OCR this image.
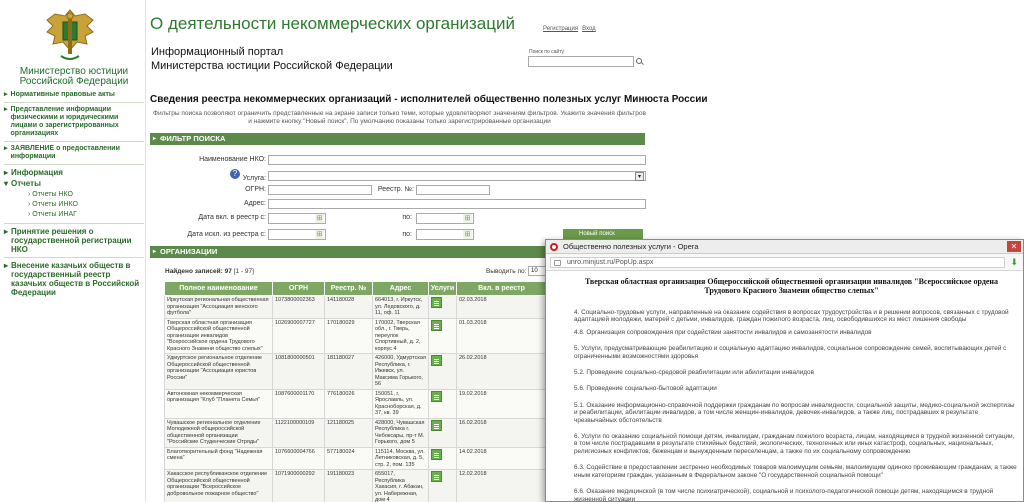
Министерство юстиции Российской Федерации
▸ Нормативные правовые акты
▸ Представление информации физическими и юридическими лицами о зарегистрированных организациях
▸ ЗАЯВЛЕНИЕ о предоставлении информации
▸ Информация
▾ Отчеты
› Отчеты НКО
› Отчеты ИНКО
› Отчеты ИНАГ
▸ Принятие решения о государственной регистрации НКО
▸ Внесение казачьих обществ в государственный реестр казачьих обществ в Российской Федерации
О деятельности некоммерческих организаций	Регистрация Вход
Информационный портал
Министерства юстиции Российской Федерации
Поиск по сайту
Сведения реестра некоммерческих организаций - исполнителей общественно полезных услуг Минюста России
Фильтры поиска позволяют ограничить представленные на экране записи только теми, которые удовлетворяют значениям фильтров. Укажите значения фильтров и нажмите кнопку "Новый поиск". По умолчанию показаны только зарегистрированные организации
▸ ФИЛЬТР ПОИСКА
Наименование НКО:
?
Услуга:	▾
ОГРН:	Реестр. №:
Адрес:
Дата вкл. в реестр с:	⊞	по:	⊞
Дата искл. из реестра с:	⊞	по:	⊞	Новый поиск
▸ ОРГАНИЗАЦИИ
Найдено записей: 97 [1 - 97]	Выводить по: 10
Полное наименование	ОГРН	Реестр. №	Адрес	Услуги	Вкл. в реестр
Иркутская региональная общественная организация "Ассоциация женского футбола"	1073800002363	141180028	664013, г. Иркутск, ул. Ледовского, д. 11, оф. 11		02.03.2018
Тверская областная организация Общероссийской общественной организации инвалидов "Всероссийское ордена Трудового Красного Знамени общество слепых"	1026900007727	170180029	170002, Тверская обл., г. Тверь, переулок Спортивный, д. 2, корпус 4		01.03.2018
Удмуртское региональное отделение Общероссийской общественной организации "Ассоциация юристов России"	1081800000501	181180027	426000, Удмуртская Республика, г. Ижевск, ул. Максима Горького, 56		26.02.2018
Автономная некоммерческая организация "Клуб "Планета Семья"	1087600001170	776180026	150051, г. Ярославль, ул. Красноборская, д. 37, кв. 39		19.02.2018
Чувашское региональное отделение Молодежной общероссийской общественной организации "Российские Студенческие Отряды"	1122100000109	121180025	428000, Чувашская Республика г. Чебоксары, пр-т М. Горького, дом 5		16.02.2018
Благотворительный фонд "Надежная смена"	1076600004766	577180024	115114, Москва, ул. Летниковская, д. 5, стр. 2, пом. 135		14.02.2018
Хакасское республиканское отделение Общероссийской общественной организации "Всероссийское добровольное пожарное общество"	1071900000292	191180023	655017, Республика Хакасия, г. Абакан, ул. Набережная, дом 4		12.02.2018
Общественно полезных услуги - Opera	✕
unro.minjust.ru/PopUp.aspx	⬇
Тверская областная организация Общероссийской общественной организации инвалидов "Всероссийское ордена Трудового Красного Знамени общество слепых"
4. Социально-трудовые услуги, направленные на оказание содействия в вопросах трудоустройства и в решении вопросов, связанных с трудовой адаптацией молодежи, матерей с детьми, инвалидов, граждан пожилого возраста, лиц, освободившихся из мест лишения свободы
4.8. Организация сопровождения при содействии занятости инвалидов и самозанятости инвалидов
5. Услуги, предусматривающие реабилитацию и социальную адаптацию инвалидов, социальное сопровождение семей, воспитывающих детей с ограниченными возможностями здоровья
5.2. Проведение социально-средовой реабилитации или абилитации инвалидов
5.6. Проведение социально-бытовой адаптации
5.1. Оказание информационно-справочной поддержки гражданам по вопросам инвалидности, социальной защиты, медико-социальной экспертизы и реабилитации, абилитации инвалидов, а том числе женщин-инвалидов, девочек-инвалидов, а также лиц, пострадавших в результате чрезвычайных обстоятельств
6. Услуги по оказанию социальной помощи детям, инвалидам, гражданам пожилого возраста, лицам, находящимся в трудной жизненной ситуации, в том числе пострадавшим в результате стихийных бедствий, экологических, техногенных или иных катастроф, социальных, национальных, религиозных конфликтов, беженцам и вынужденным переселенцам, а также по их социальному сопровождению
6.3. Содействие в предоставлении экстренно необходимых товаров малоимущим семьям, малоимущим одиноко проживающим гражданам, а также иным категориям граждан, указанным в Федеральном законе "О государственной социальной помощи"
6.6. Оказание медицинской (в том числе психиатрической), социальной и психолого-педагогической помощи детям, находящимся в трудной жизненной ситуации
